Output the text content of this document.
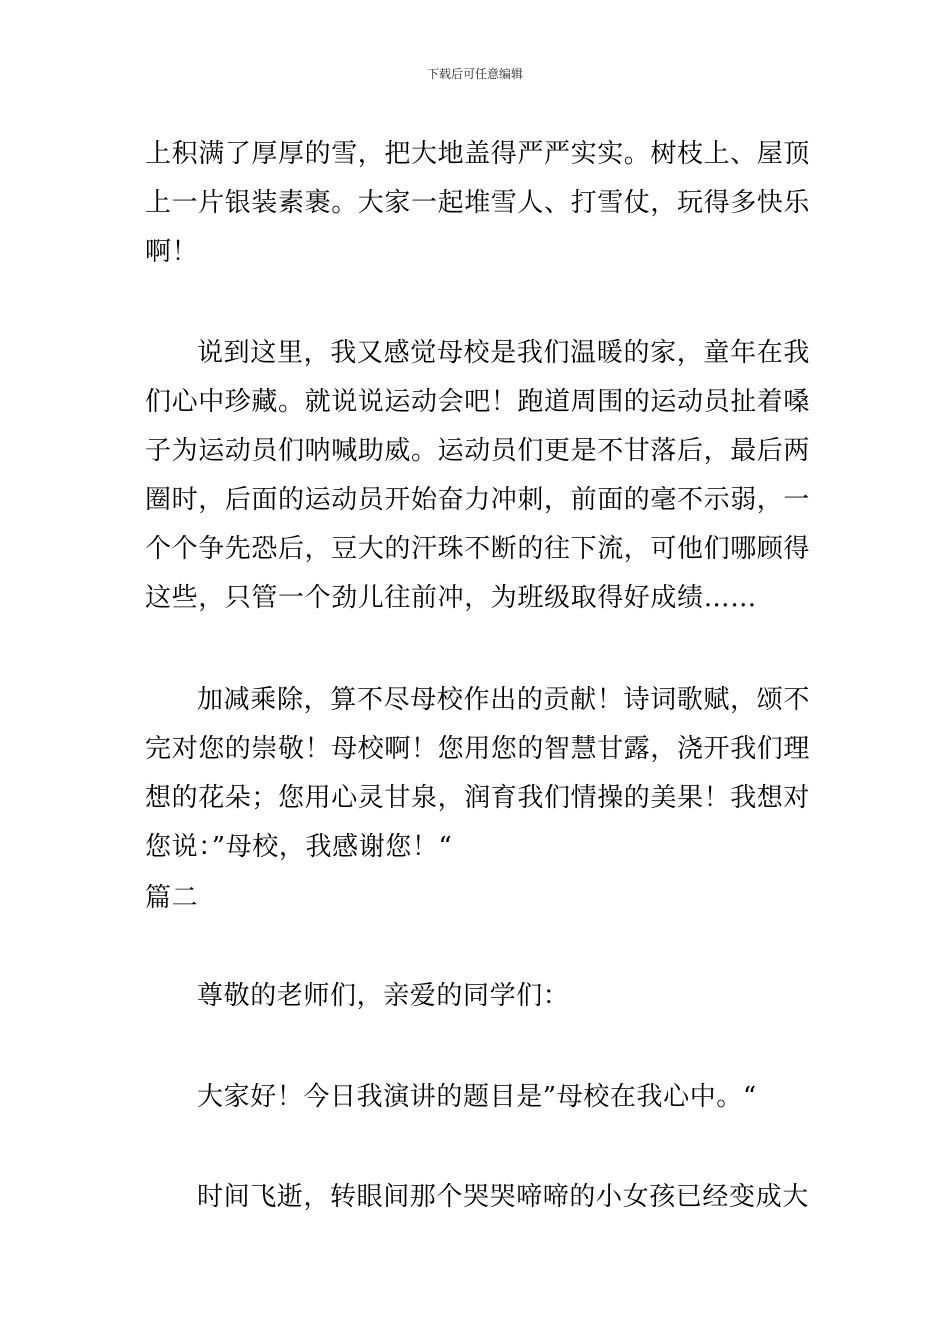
下载后可任意编辑

上积满了厚厚的雪，把大地盖得严严实实。树枝上、屋顶上一片银装素裹。大家一起堆雪人、打雪仗，玩得多快乐啊！

说到这里，我又感觉母校是我们温暖的家，童年在我们心中珍藏。就说说运动会吧！跑道周围的运动员扯着嗓子为运动员们呐喊助威。运动员们更是不甘落后，最后两圈时，后面的运动员开始奋力冲刺，前面的毫不示弱，一个个争先恐后，豆大的汗珠不断的往下流，可他们哪顾得这些，只管一个劲儿往前冲，为班级取得好成绩……

加减乘除，算不尽母校作出的贡献！诗词歌赋，颂不完对您的崇敬！母校啊！您用您的智慧甘露，浇开我们理想的花朵；您用心灵甘泉，润育我们情操的美果！我想对您说：”母校，我感谢您！“

篇二

尊敬的老师们，亲爱的同学们：

大家好！今日我演讲的题目是”母校在我心中。“

时间飞逝，转眼间那个哭哭啼啼的小女孩已经变成大
